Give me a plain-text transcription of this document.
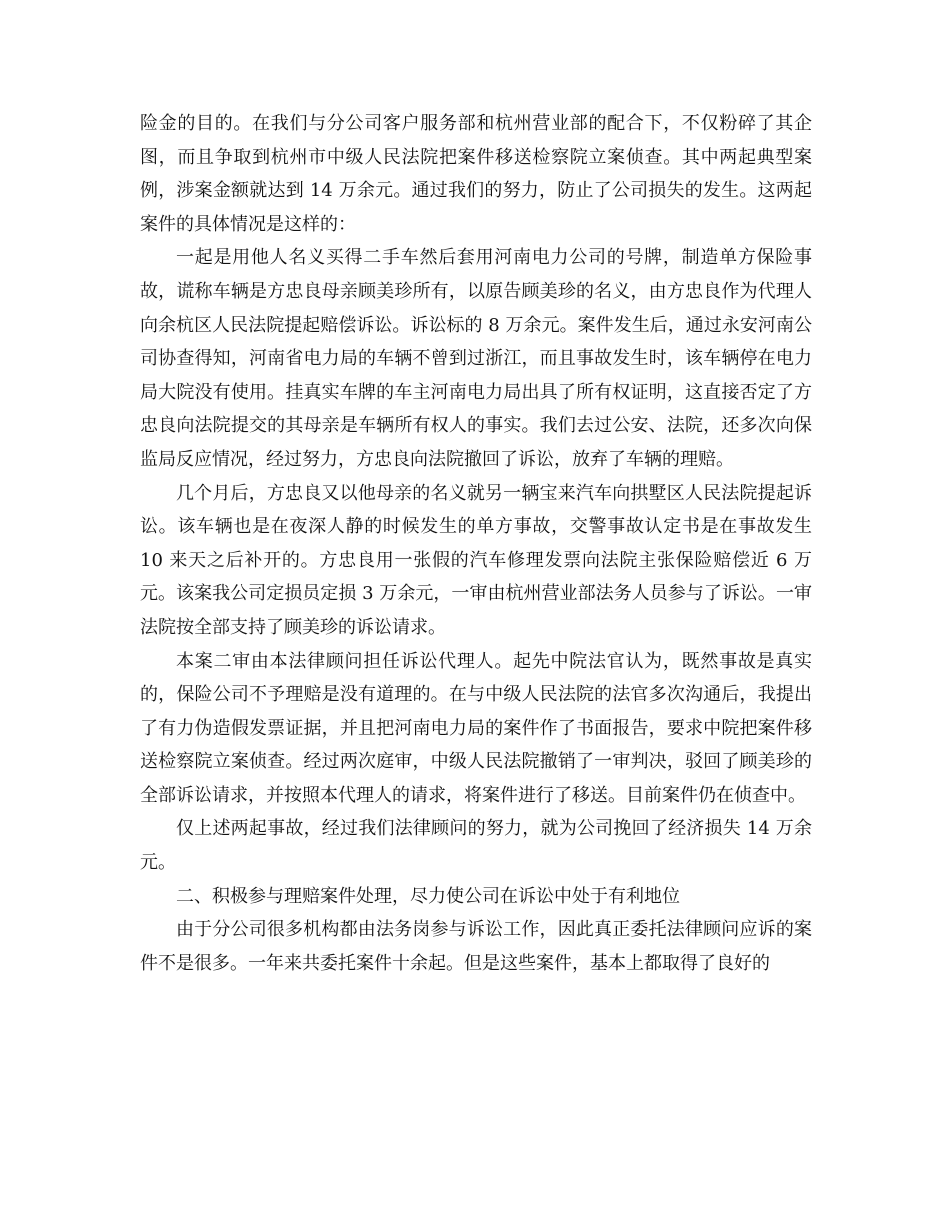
险金的目的。在我们与分公司客户服务部和杭州营业部的配合下，不仅粉碎了其企图，而且争取到杭州市中级人民法院把案件移送检察院立案侦查。其中两起典型案例，涉案金额就达到 14 万余元。通过我们的努力，防止了公司损失的发生。这两起案件的具体情况是这样的：

一起是用他人名义买得二手车然后套用河南电力公司的号牌，制造单方保险事故，谎称车辆是方忠良母亲顾美珍所有，以原告顾美珍的名义，由方忠良作为代理人向余杭区人民法院提起赔偿诉讼。诉讼标的 8 万余元。案件发生后，通过永安河南公司协查得知，河南省电力局的车辆不曾到过浙江，而且事故发生时，该车辆停在电力局大院没有使用。挂真实车牌的车主河南电力局出具了所有权证明，这直接否定了方忠良向法院提交的其母亲是车辆所有权人的事实。我们去过公安、法院，还多次向保监局反应情况，经过努力，方忠良向法院撤回了诉讼，放弃了车辆的理赔。

几个月后，方忠良又以他母亲的名义就另一辆宝来汽车向拱墅区人民法院提起诉讼。该车辆也是在夜深人静的时候发生的单方事故，交警事故认定书是在事故发生 10 来天之后补开的。方忠良用一张假的汽车修理发票向法院主张保险赔偿近 6 万元。该案我公司定损员定损 3 万余元，一审由杭州营业部法务人员参与了诉讼。一审法院按全部支持了顾美珍的诉讼请求。

本案二审由本法律顾问担任诉讼代理人。起先中院法官认为，既然事故是真实的，保险公司不予理赔是没有道理的。在与中级人民法院的法官多次沟通后，我提出了有力伪造假发票证据，并且把河南电力局的案件作了书面报告，要求中院把案件移送检察院立案侦查。经过两次庭审，中级人民法院撤销了一审判决，驳回了顾美珍的全部诉讼请求，并按照本代理人的请求，将案件进行了移送。目前案件仍在侦查中。

仅上述两起事故，经过我们法律顾问的努力，就为公司挽回了经济损失 14 万余元。

二、积极参与理赔案件处理，尽力使公司在诉讼中处于有利地位

由于分公司很多机构都由法务岗参与诉讼工作，因此真正委托法律顾问应诉的案件不是很多。一年来共委托案件十余起。但是这些案件，基本上都取得了良好的
